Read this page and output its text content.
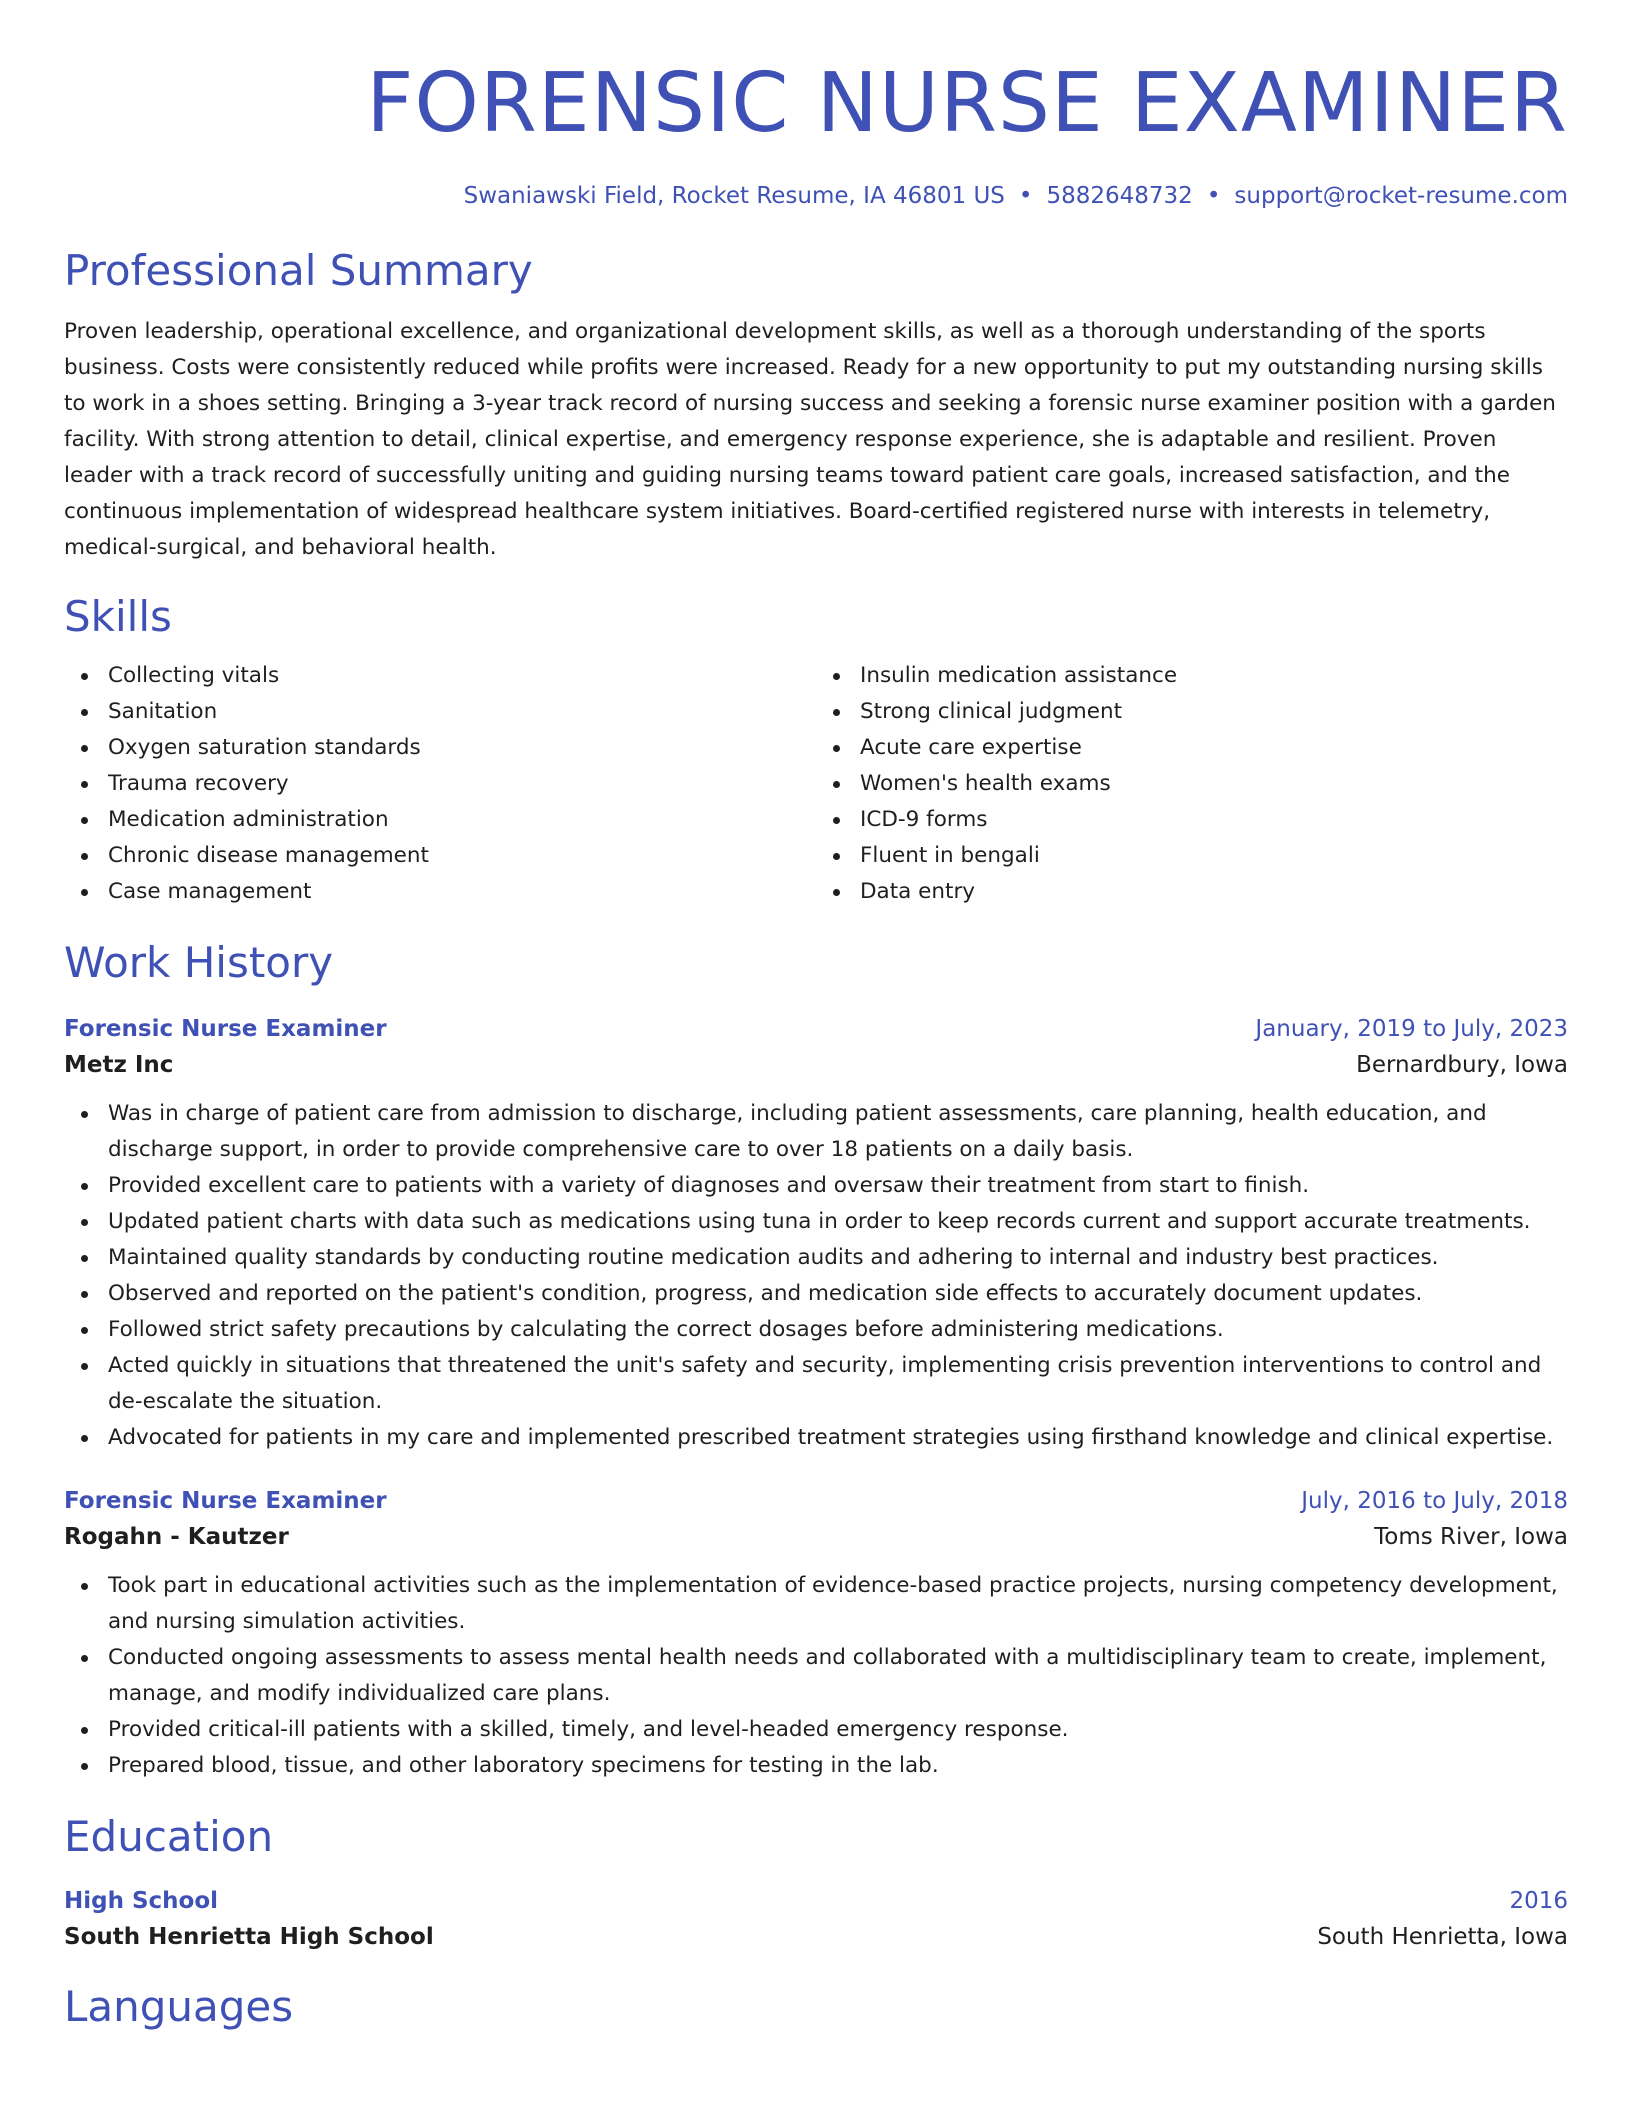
FORENSIC NURSE EXAMINER
Swaniawski Field, Rocket Resume, IA 46801 US • 5882648732 • support@rocket-resume.com
Professional Summary

Proven leadership, operational excellence, and organizational development skills, as well as a thorough understanding of the sports business. Costs were consistently reduced while profits were increased. Ready for a new opportunity to put my outstanding nursing skills to work in a shoes setting. Bringing a 3-year track record of nursing success and seeking a forensic nurse examiner position with a garden facility. With strong attention to detail, clinical expertise, and emergency response experience, she is adaptable and resilient. Proven leader with a track record of successfully uniting and guiding nursing teams toward patient care goals, increased satisfaction, and the continuous implementation of widespread healthcare system initiatives. Board-certified registered nurse with interests in telemetry, medical-surgical, and behavioral health.

Skills
Collecting vitals
Sanitation
Oxygen saturation standards
Trauma recovery
Medication administration
Chronic disease management
Case management
Insulin medication assistance
Strong clinical judgment
Acute care expertise
Women's health exams
ICD-9 forms
Fluent in bengali
Data entry
Work History
Forensic Nurse Examiner	January, 2019 to July, 2023
Metz Inc	Bernardbury, Iowa
Was in charge of patient care from admission to discharge, including patient assessments, care planning, health education, and discharge support, in order to provide comprehensive care to over 18 patients on a daily basis.
Provided excellent care to patients with a variety of diagnoses and oversaw their treatment from start to finish.
Updated patient charts with data such as medications using tuna in order to keep records current and support accurate treatments.
Maintained quality standards by conducting routine medication audits and adhering to internal and industry best practices.
Observed and reported on the patient's condition, progress, and medication side effects to accurately document updates.
Followed strict safety precautions by calculating the correct dosages before administering medications.
Acted quickly in situations that threatened the unit's safety and security, implementing crisis prevention interventions to control and de-escalate the situation.
Advocated for patients in my care and implemented prescribed treatment strategies using firsthand knowledge and clinical expertise.
Forensic Nurse Examiner	July, 2016 to July, 2018
Rogahn - Kautzer	Toms River, Iowa
Took part in educational activities such as the implementation of evidence-based practice projects, nursing competency development, and nursing simulation activities.
Conducted ongoing assessments to assess mental health needs and collaborated with a multidisciplinary team to create, implement, manage, and modify individualized care plans.
Provided critical-ill patients with a skilled, timely, and level-headed emergency response.
Prepared blood, tissue, and other laboratory specimens for testing in the lab.
Education
High School	2016
South Henrietta High School	South Henrietta, Iowa
Languages
